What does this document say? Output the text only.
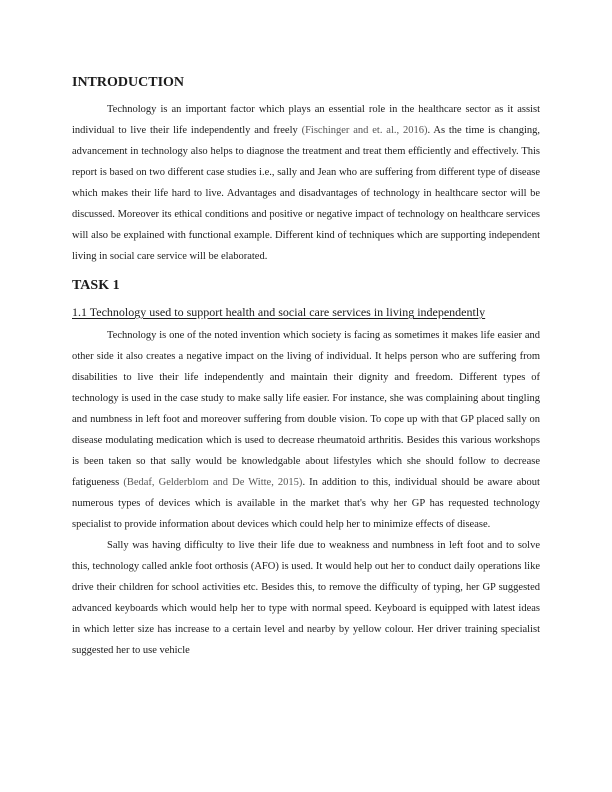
INTRODUCTION

Technology is an important factor which plays an essential role in the healthcare sector as it assist individual to live their life independently and freely (Fischinger and et. al., 2016). As the time is changing, advancement in technology also helps to diagnose the treatment and treat them efficiently and effectively. This report is based on two different case studies i.e., sally and Jean who are suffering from different type of disease which makes their life hard to live. Advantages and disadvantages of technology in healthcare sector will be discussed. Moreover its ethical conditions and positive or negative impact of technology on healthcare services will also be explained with functional example. Different kind of techniques which are supporting independent living in social care service will be elaborated.

TASK 1
1.1 Technology used to support health and social care services in living independently

Technology is one of the noted invention which society is facing as sometimes it makes life easier and other side it also creates a negative impact on the living of individual. It helps person who are suffering from disabilities to live their life independently and maintain their dignity and freedom. Different types of technology is used in the case study to make sally life easier. For instance, she was complaining about tingling and numbness in left foot and moreover suffering from double vision. To cope up with that GP placed sally on disease modulating medication which is used to decrease rheumatoid arthritis. Besides this various workshops is been taken so that sally would be knowledgable about lifestyles which she should follow to decrease fatigueness (Bedaf, Gelderblom and De Witte, 2015). In addition to this, individual should be aware about numerous types of devices which is available in the market that's why her GP has requested technology specialist to provide information about devices which could help her to minimize effects of disease.

Sally was having difficulty to live their life due to weakness and numbness in left foot and to solve this, technology called ankle foot orthosis (AFO) is used. It would help out her to conduct daily operations like drive their children for school activities etc. Besides this, to remove the difficulty of typing, her GP suggested advanced keyboards which would help her to type with normal speed. Keyboard is equipped with latest ideas in which letter size has increase to a certain level and nearby by yellow colour. Her driver training specialist suggested her to use vehicle
